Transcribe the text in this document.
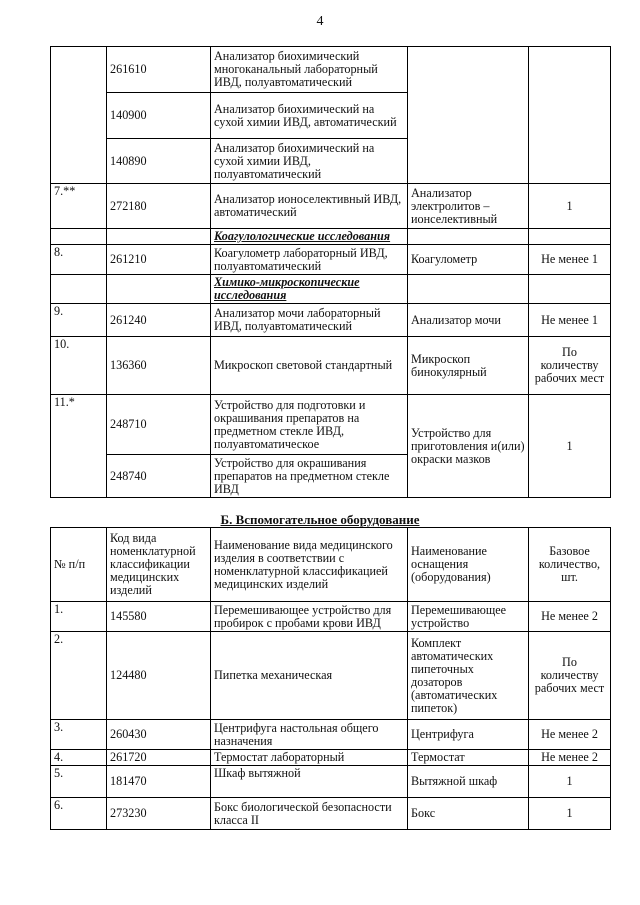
4
	261610	Анализатор биохимический многоканальный лабораторный ИВД, полуавтоматический		
	140900	Анализатор биохимический на сухой химии ИВД, автоматический		
	140890	Анализатор биохимический на сухой химии ИВД, полуавтоматический		
7.**	272180	Анализатор ионоселективный ИВД, автоматический	Анализатор электролитов – ионселективный	1
		Коагулологические исследования		
8.	261210	Коагулометр лабораторный ИВД, полуавтоматический	Коагулометр	Не менее 1
		Химико-микроскопические исследования		
9.	261240	Анализатор мочи лабораторный ИВД, полуавтоматический	Анализатор мочи	Не менее 1
10.	136360	Микроскоп световой стандартный	Микроскоп бинокулярный	По количеству рабочих мест
11.*	248710	Устройство для подготовки и окрашивания препаратов на предметном стекле ИВД, полуавтоматическое	Устройство для приготовления и(или) окраски мазков	1
	248740	Устройство для окрашивания препаратов на предметном стекле ИВД		
Б. Вспомогательное оборудование
№ п/п	Код вида номенклатурной классификации медицинских изделий	Наименование вида медицинского изделия в соответствии с номенклатурной классификацией медицинских изделий	Наименование оснащения (оборудования)	Базовое количество, шт.
1.	145580	Перемешивающее устройство для пробирок с пробами крови ИВД	Перемешивающее устройство	Не менее 2
2.	124480	Пипетка механическая	Комплект автоматических пипеточных дозаторов (автоматических пипеток)	По количеству рабочих мест
3.	260430	Центрифуга настольная общего назначения	Центрифуга	Не менее 2
4.	261720	Термостат лабораторный	Термостат	Не менее 2
5.	181470	Шкаф вытяжной	Вытяжной шкаф	1
6.	273230	Бокс биологической безопасности класса II	Бокс	1
